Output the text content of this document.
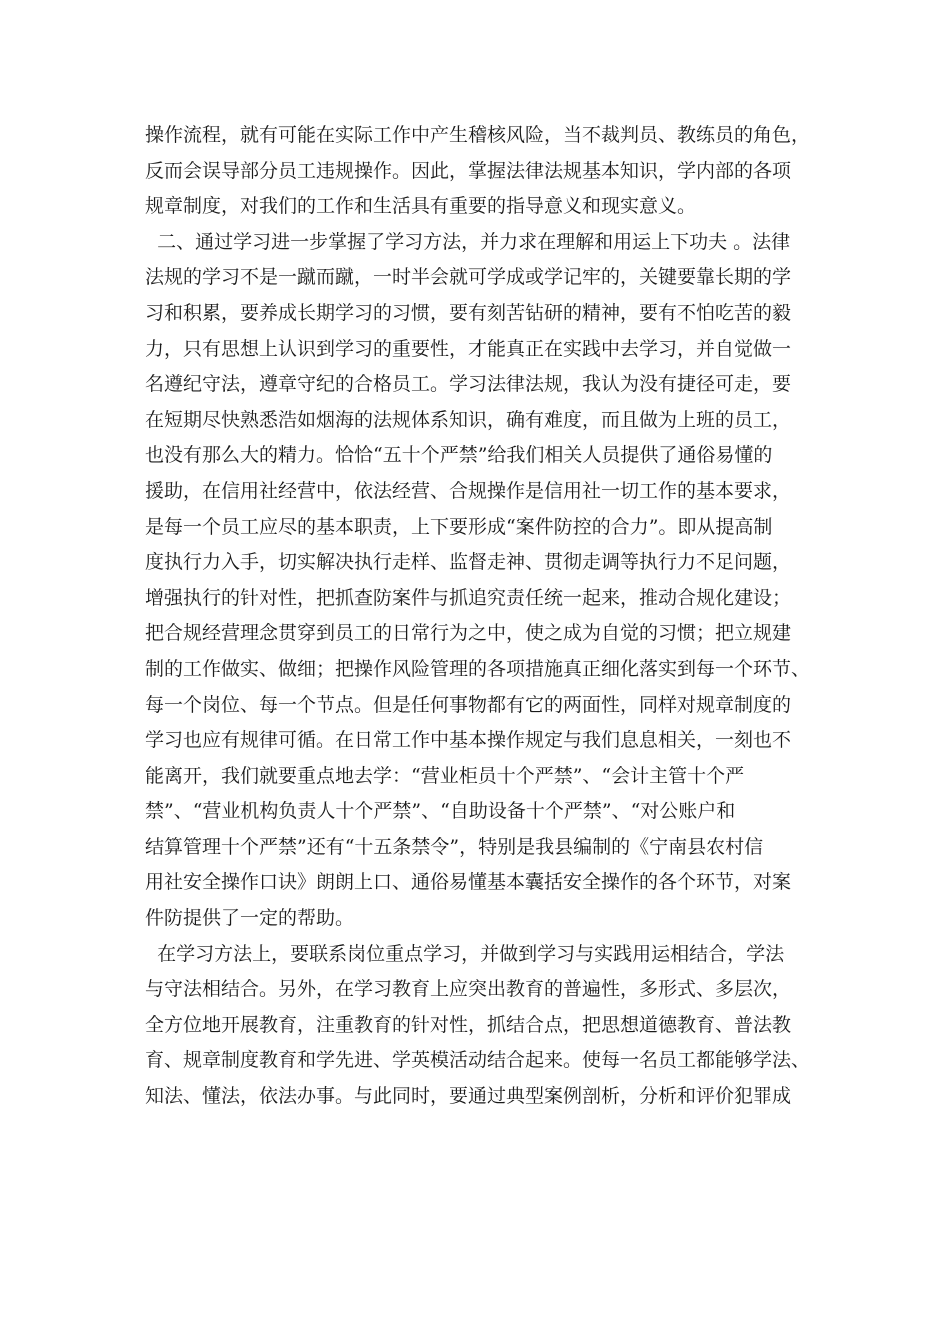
操作流程，就有可能在实际工作中产生稽核风险，当不裁判员、教练员的角色，
反而会误导部分员工违规操作。因此，掌握法律法规基本知识，学内部的各项
规章制度，对我们的工作和生活具有重要的指导意义和现实意义。
二、通过学习进一步掌握了学习方法，并力求在理解和用运上下功夫 。法律
法规的学习不是一蹴而蹴，一时半会就可学成或学记牢的，关键要靠长期的学
习和积累，要养成长期学习的习惯，要有刻苦钻研的精神，要有不怕吃苦的毅
力，只有思想上认识到学习的重要性，才能真正在实践中去学习，并自觉做一
名遵纪守法，遵章守纪的合格员工。学习法律法规，我认为没有捷径可走，要
在短期尽快熟悉浩如烟海的法规体系知识，确有难度，而且做为上班的员工，
也没有那么大的精力。恰恰“五十个严禁”给我们相关人员提供了通俗易懂的
援助，在信用社经营中，依法经营、合规操作是信用社一切工作的基本要求，
是每一个员工应尽的基本职责，上下要形成“案件防控的合力”。即从提高制
度执行力入手，切实解决执行走样、监督走神、贯彻走调等执行力不足问题，
增强执行的针对性，把抓查防案件与抓追究责任统一起来，推动合规化建设；
把合规经营理念贯穿到员工的日常行为之中，使之成为自觉的习惯；把立规建
制的工作做实、做细；把操作风险管理的各项措施真正细化落实到每一个环节、
每一个岗位、每一个节点。但是任何事物都有它的两面性，同样对规章制度的
学习也应有规律可循。在日常工作中基本操作规定与我们息息相关，一刻也不
能离开，我们就要重点地去学：“营业柜员十个严禁”、“会计主管十个严
禁”、“营业机构负责人十个严禁”、“自助设备十个严禁”、“对公账户和
结算管理十个严禁”还有“十五条禁令”，特别是我县编制的《宁南县农村信
用社安全操作口诀》朗朗上口、通俗易懂基本囊括安全操作的各个环节，对案
件防提供了一定的帮助。
在学习方法上，要联系岗位重点学习，并做到学习与实践用运相结合，学法
与守法相结合。另外，在学习教育上应突出教育的普遍性，多形式、多层次，
全方位地开展教育，注重教育的针对性，抓结合点，把思想道德教育、普法教
育、规章制度教育和学先进、学英模活动结合起来。使每一名员工都能够学法、
知法、懂法，依法办事。与此同时，要通过典型案例剖析，分析和评价犯罪成
